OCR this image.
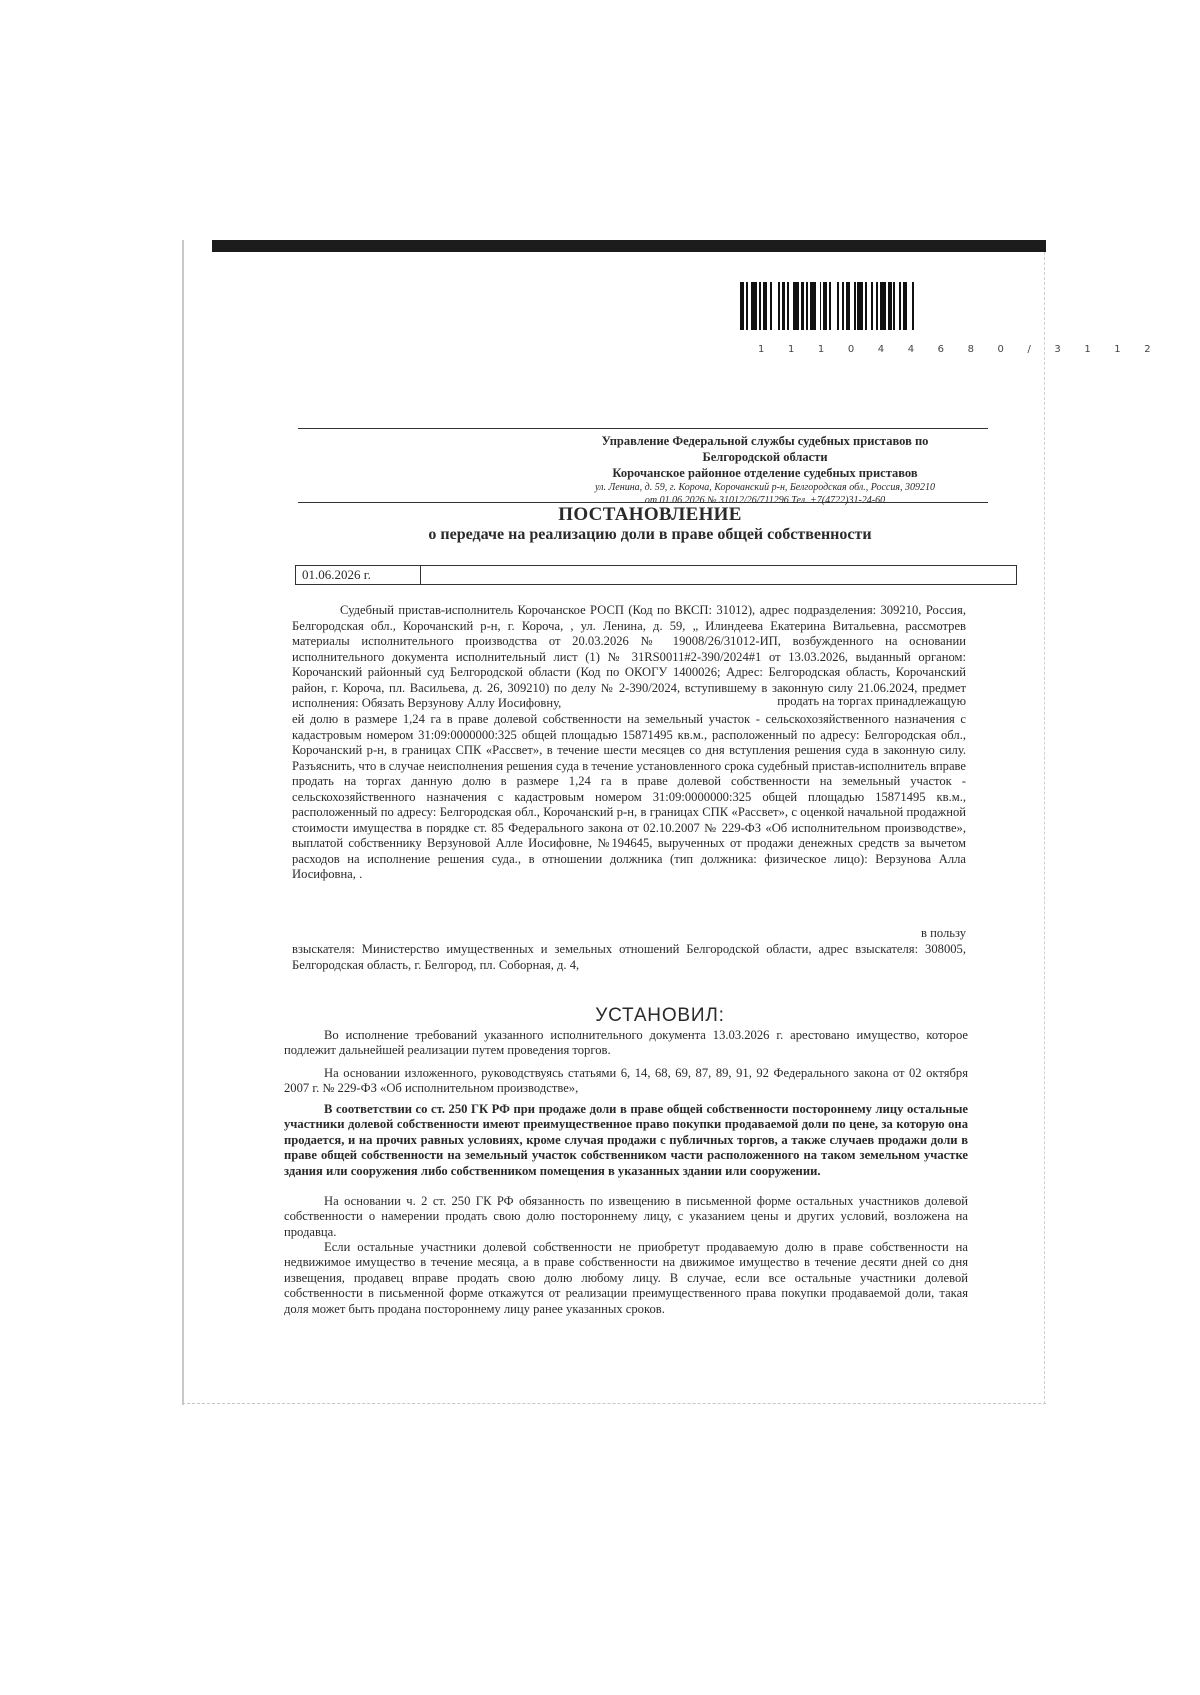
1 1 1 0 4 4 6 8 0 / 3 1 1 2
Управление Федеральной службы судебных приставов по
Белгородской области
Корочанское районное отделение судебных приставов
ул. Ленина, д. 59, г. Короча, Корочанский р-н, Белгородская обл., Россия, 309210
от 01.06.2026 № 31012/26/711296 Тел. +7(4722)31-24-60
ПОСТАНОВЛЕНИЕ
о передаче на реализацию доли в праве общей собственности
01.06.2026 г.
Судебный пристав-исполнитель Корочанское РОСП (Код по ВКСП: 31012), адрес подразделения: 309210, Россия, Белгородская обл., Корочанский р-н, г. Короча, , ул. Ленина, д. 59, „ Илиндеева Екатерина Витальевна, рассмотрев материалы исполнительного производства от 20.03.2026 № 19008/26/31012-ИП, возбужденного на основании исполнительного документа исполнительный лист (1) № 31RS0011#2-390/2024#1 от 13.03.2026, выданный органом: Корочанский районный суд Белгородской области (Код по ОКОГУ 1400026; Адрес: Белгородская область, Корочанский район, г. Короча, пл. Васильева, д. 26, 309210) по делу № 2-390/2024, вступившему в законную силу 21.06.2024, предмет исполнения: Обязать Верзунову Аллу Иосифовну,	продать на торгах принадлежащую
ей долю в размере 1,24 га в праве долевой собственности на земельный участок - сельскохозяйственного назначения с кадастровым номером 31:09:0000000:325 общей площадью 15871495 кв.м., расположенный по адресу: Белгородская обл., Корочанский р-н, в границах СПК «Рассвет», в течение шести месяцев со дня вступления решения суда в законную силу. Разъяснить, что в случае неисполнения решения суда в течение установленного срока судебный пристав-исполнитель вправе продать на торгах данную долю в размере 1,24 га в праве долевой собственности на земельный участок - сельскохозяйственного назначения с кадастровым номером 31:09:0000000:325 общей площадью 15871495 кв.м., расположенный по адресу: Белгородская обл., Корочанский р-н, в границах СПК «Рассвет», с оценкой начальной продажной стоимости имущества в порядке ст. 85 Федерального закона от 02.10.2007 № 229-ФЗ «Об исполнительном производстве», выплатой собственнику Верзуновой Алле Иосифовне, №194645, вырученных от продажи денежных средств за вычетом расходов на исполнение решения суда., в отношении должника (тип должника: физическое лицо): Верзунова Алла Иосифовна, .
в пользу
взыскателя: Министерство имущественных и земельных отношений Белгородской области, адрес взыскателя: 308005, Белгородская область, г. Белгород, пл. Соборная, д. 4,
УСТАНОВИЛ:
Во исполнение требований указанного исполнительного документа 13.03.2026 г. арестовано имущество, которое подлежит дальнейшей реализации путем проведения торгов.
На основании изложенного, руководствуясь статьями 6, 14, 68, 69, 87, 89, 91, 92 Федерального закона от 02 октября 2007 г. № 229-ФЗ «Об исполнительном производстве»,
В соответствии со ст. 250 ГК РФ при продаже доли в праве общей собственности постороннему лицу остальные участники долевой собственности имеют преимущественное право покупки продаваемой доли по цене, за которую она продается, и на прочих равных условиях, кроме случая продажи с публичных торгов, а также случаев продажи доли в праве общей собственности на земельный участок собственником части расположенного на таком земельном участке здания или сооружения либо собственником помещения в указанных здании или сооружении.
На основании ч. 2 ст. 250 ГК РФ обязанность по извещению в письменной форме остальных участников долевой собственности о намерении продать свою долю постороннему лицу, с указанием цены и других условий, возложена на продавца.
Если остальные участники долевой собственности не приобретут продаваемую долю в праве собственности на недвижимое имущество в течение месяца, а в праве собственности на движимое имущество в течение десяти дней со дня извещения, продавец вправе продать свою долю любому лицу. В случае, если все остальные участники долевой собственности в письменной форме откажутся от реализации преимущественного права покупки продаваемой доли, такая доля может быть продана постороннему лицу ранее указанных сроков.
